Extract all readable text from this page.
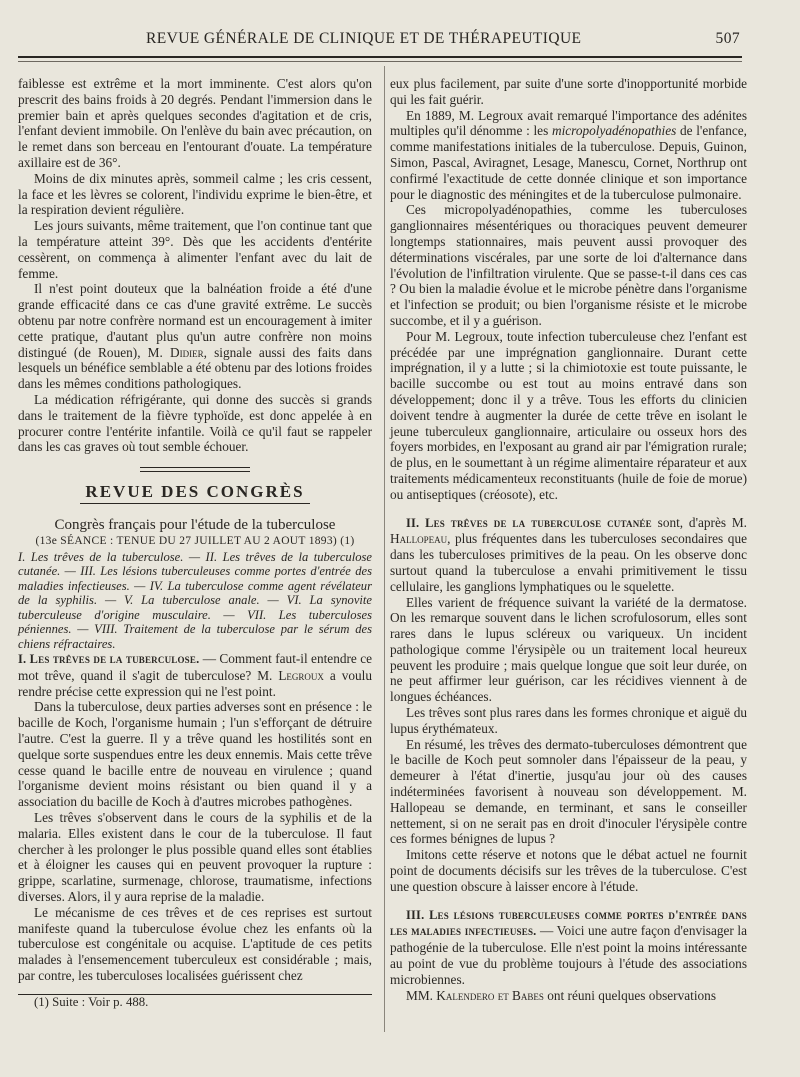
REVUE GÉNÉRALE DE CLINIQUE ET DE THÉRAPEUTIQUE	507

faiblesse est extrême et la mort imminente. C'est alors qu'on prescrit des bains froids à 20 degrés. Pendant l'immersion dans le premier bain et après quelques secondes d'agitation et de cris, l'enfant devient immobile. On l'enlève du bain avec précaution, on le remet dans son berceau en l'entourant d'ouate. La température axillaire est de 36°.

Moins de dix minutes après, sommeil calme ; les cris cessent, la face et les lèvres se colorent, l'individu exprime le bien-être, et la respiration devient régulière.

Les jours suivants, même traitement, que l'on continue tant que la température atteint 39°. Dès que les accidents d'entérite cessèrent, on commença à alimenter l'enfant avec du lait de femme.

Il n'est point douteux que la balnéation froide a été d'une grande efficacité dans ce cas d'une gravité extrême. Le succès obtenu par notre confrère normand est un encouragement à imiter cette pratique, d'autant plus qu'un autre confrère non moins distingué (de Rouen), M. Didier, signale aussi des faits dans lesquels un bénéfice semblable a été obtenu par des lotions froides dans les mêmes conditions pathologiques.

La médication réfrigérante, qui donne des succès si grands dans le traitement de la fièvre typhoïde, est donc appelée à en procurer contre l'entérite infantile. Voilà ce qu'il faut se rappeler dans les cas graves où tout semble échouer.

REVUE DES CONGRÈS

Congrès français pour l'étude de la tuberculose

(13e SÉANCE : TENUE DU 27 JUILLET AU 2 AOUT 1893) (1)

I. Les trêves de la tuberculose. — II. Les trêves de la tuberculose cutanée. — III. Les lésions tuberculeuses comme portes d'entrée des maladies infectieuses. — IV. La tuberculose comme agent révélateur de la syphilis. — V. La tuberculose anale. — VI. La synovite tuberculeuse d'origine musculaire. — VII. Les tuberculoses péniennes. — VIII. Traitement de la tuberculose par le sérum des chiens réfractaires.

I. Les trêves de la tuberculose. — Comment faut-il entendre ce mot trêve, quand il s'agit de tuberculose? M. Legroux a voulu rendre précise cette expression qui ne l'est point.

Dans la tuberculose, deux parties adverses sont en présence : le bacille de Koch, l'organisme humain ; l'un s'efforçant de détruire l'autre. C'est la guerre. Il y a trêve quand les hostilités sont en quelque sorte suspendues entre les deux ennemis. Mais cette trêve cesse quand le bacille entre de nouveau en virulence ; quand l'organisme devient moins résistant ou bien quand il y a association du bacille de Koch à d'autres microbes pathogènes.

Les trêves s'observent dans le cours de la syphilis et de la malaria. Elles existent dans le cour de la tuberculose. Il faut chercher à les prolonger le plus possible quand elles sont établies et à éloigner les causes qui en peuvent provoquer la rupture : grippe, scarlatine, surmenage, chlorose, traumatisme, infections diverses. Alors, il y aura reprise de la maladie.

Le mécanisme de ces trêves et de ces reprises est surtout manifeste quand la tuberculose évolue chez les enfants où la tuberculose est congénitale ou acquise. L'aptitude de ces petits malades à l'ensemencement tuberculeux est considérable ; mais, par contre, les tuberculoses localisées guérissent chez

(1) Suite : Voir p. 488.

eux plus facilement, par suite d'une sorte d'inopportunité morbide qui les fait guérir.

En 1889, M. Legroux avait remarqué l'importance des adénites multiples qu'il dénomme : les micropolyadénopathies de l'enfance, comme manifestations initiales de la tuberculose. Depuis, Guinon, Simon, Pascal, Aviragnet, Lesage, Manescu, Cornet, Northrup ont confirmé l'exactitude de cette donnée clinique et son importance pour le diagnostic des méningites et de la tuberculose pulmonaire.

Ces micropolyadénopathies, comme les tuberculoses ganglionnaires mésentériques ou thoraciques peuvent demeurer longtemps stationnaires, mais peuvent aussi provoquer des déterminations viscérales, par une sorte de loi d'alternance dans l'évolution de l'infiltration virulente. Que se passe-t-il dans ces cas ? Ou bien la maladie évolue et le microbe pénètre dans l'organisme et l'infection se produit; ou bien l'organisme résiste et le microbe succombe, et il y a guérison.

Pour M. Legroux, toute infection tuberculeuse chez l'enfant est précédée par une imprégnation ganglionnaire. Durant cette imprégnation, il y a lutte ; si la chimiotoxie est toute puissante, le bacille succombe ou est tout au moins entravé dans son développement; donc il y a trêve. Tous les efforts du clinicien doivent tendre à augmenter la durée de cette trêve en isolant le jeune tuberculeux ganglionnaire, articulaire ou osseux hors des foyers morbides, en l'exposant au grand air par l'émigration rurale; de plus, en le soumettant à un régime alimentaire réparateur et aux traitements médicamenteux reconstituants (huile de foie de morue) ou antiseptiques (créosote), etc.

II. Les trêves de la tuberculose cutanée sont, d'après M. Hallopeau, plus fréquentes dans les tuberculoses secondaires que dans les tuberculoses primitives de la peau. On les observe donc surtout quand la tuberculose a envahi primitivement le tissu cellulaire, les ganglions lymphatiques ou le squelette.

Elles varient de fréquence suivant la variété de la dermatose. On les remarque souvent dans le lichen scrofulosorum, elles sont rares dans le lupus scléreux ou variqueux. Un incident pathologique comme l'érysipèle ou un traitement local heureux peuvent les produire ; mais quelque longue que soit leur durée, on ne peut affirmer leur guérison, car les récidives viennent à de longues échéances.

Les trêves sont plus rares dans les formes chronique et aiguë du lupus érythémateux.

En résumé, les trêves des dermato-tuberculoses démontrent que le bacille de Koch peut somnoler dans l'épaisseur de la peau, y demeurer à l'état d'inertie, jusqu'au jour où des causes indéterminées favorisent à nouveau son développement. M. Hallopeau se demande, en terminant, et sans le conseiller nettement, si on ne serait pas en droit d'inoculer l'érysipèle contre ces formes bénignes de lupus ?

Imitons cette réserve et notons que le débat actuel ne fournit point de documents décisifs sur les trêves de la tuberculose. C'est une question obscure à laisser encore à l'étude.

III. Les lésions tuberculeuses comme portes d'entrée dans les maladies infectieuses. — Voici une autre façon d'envisager la pathogénie de la tuberculose. Elle n'est point la moins intéressante au point de vue du problème toujours à l'étude des associations microbiennes.

MM. Kalendero et Babes ont réuni quelques observations
